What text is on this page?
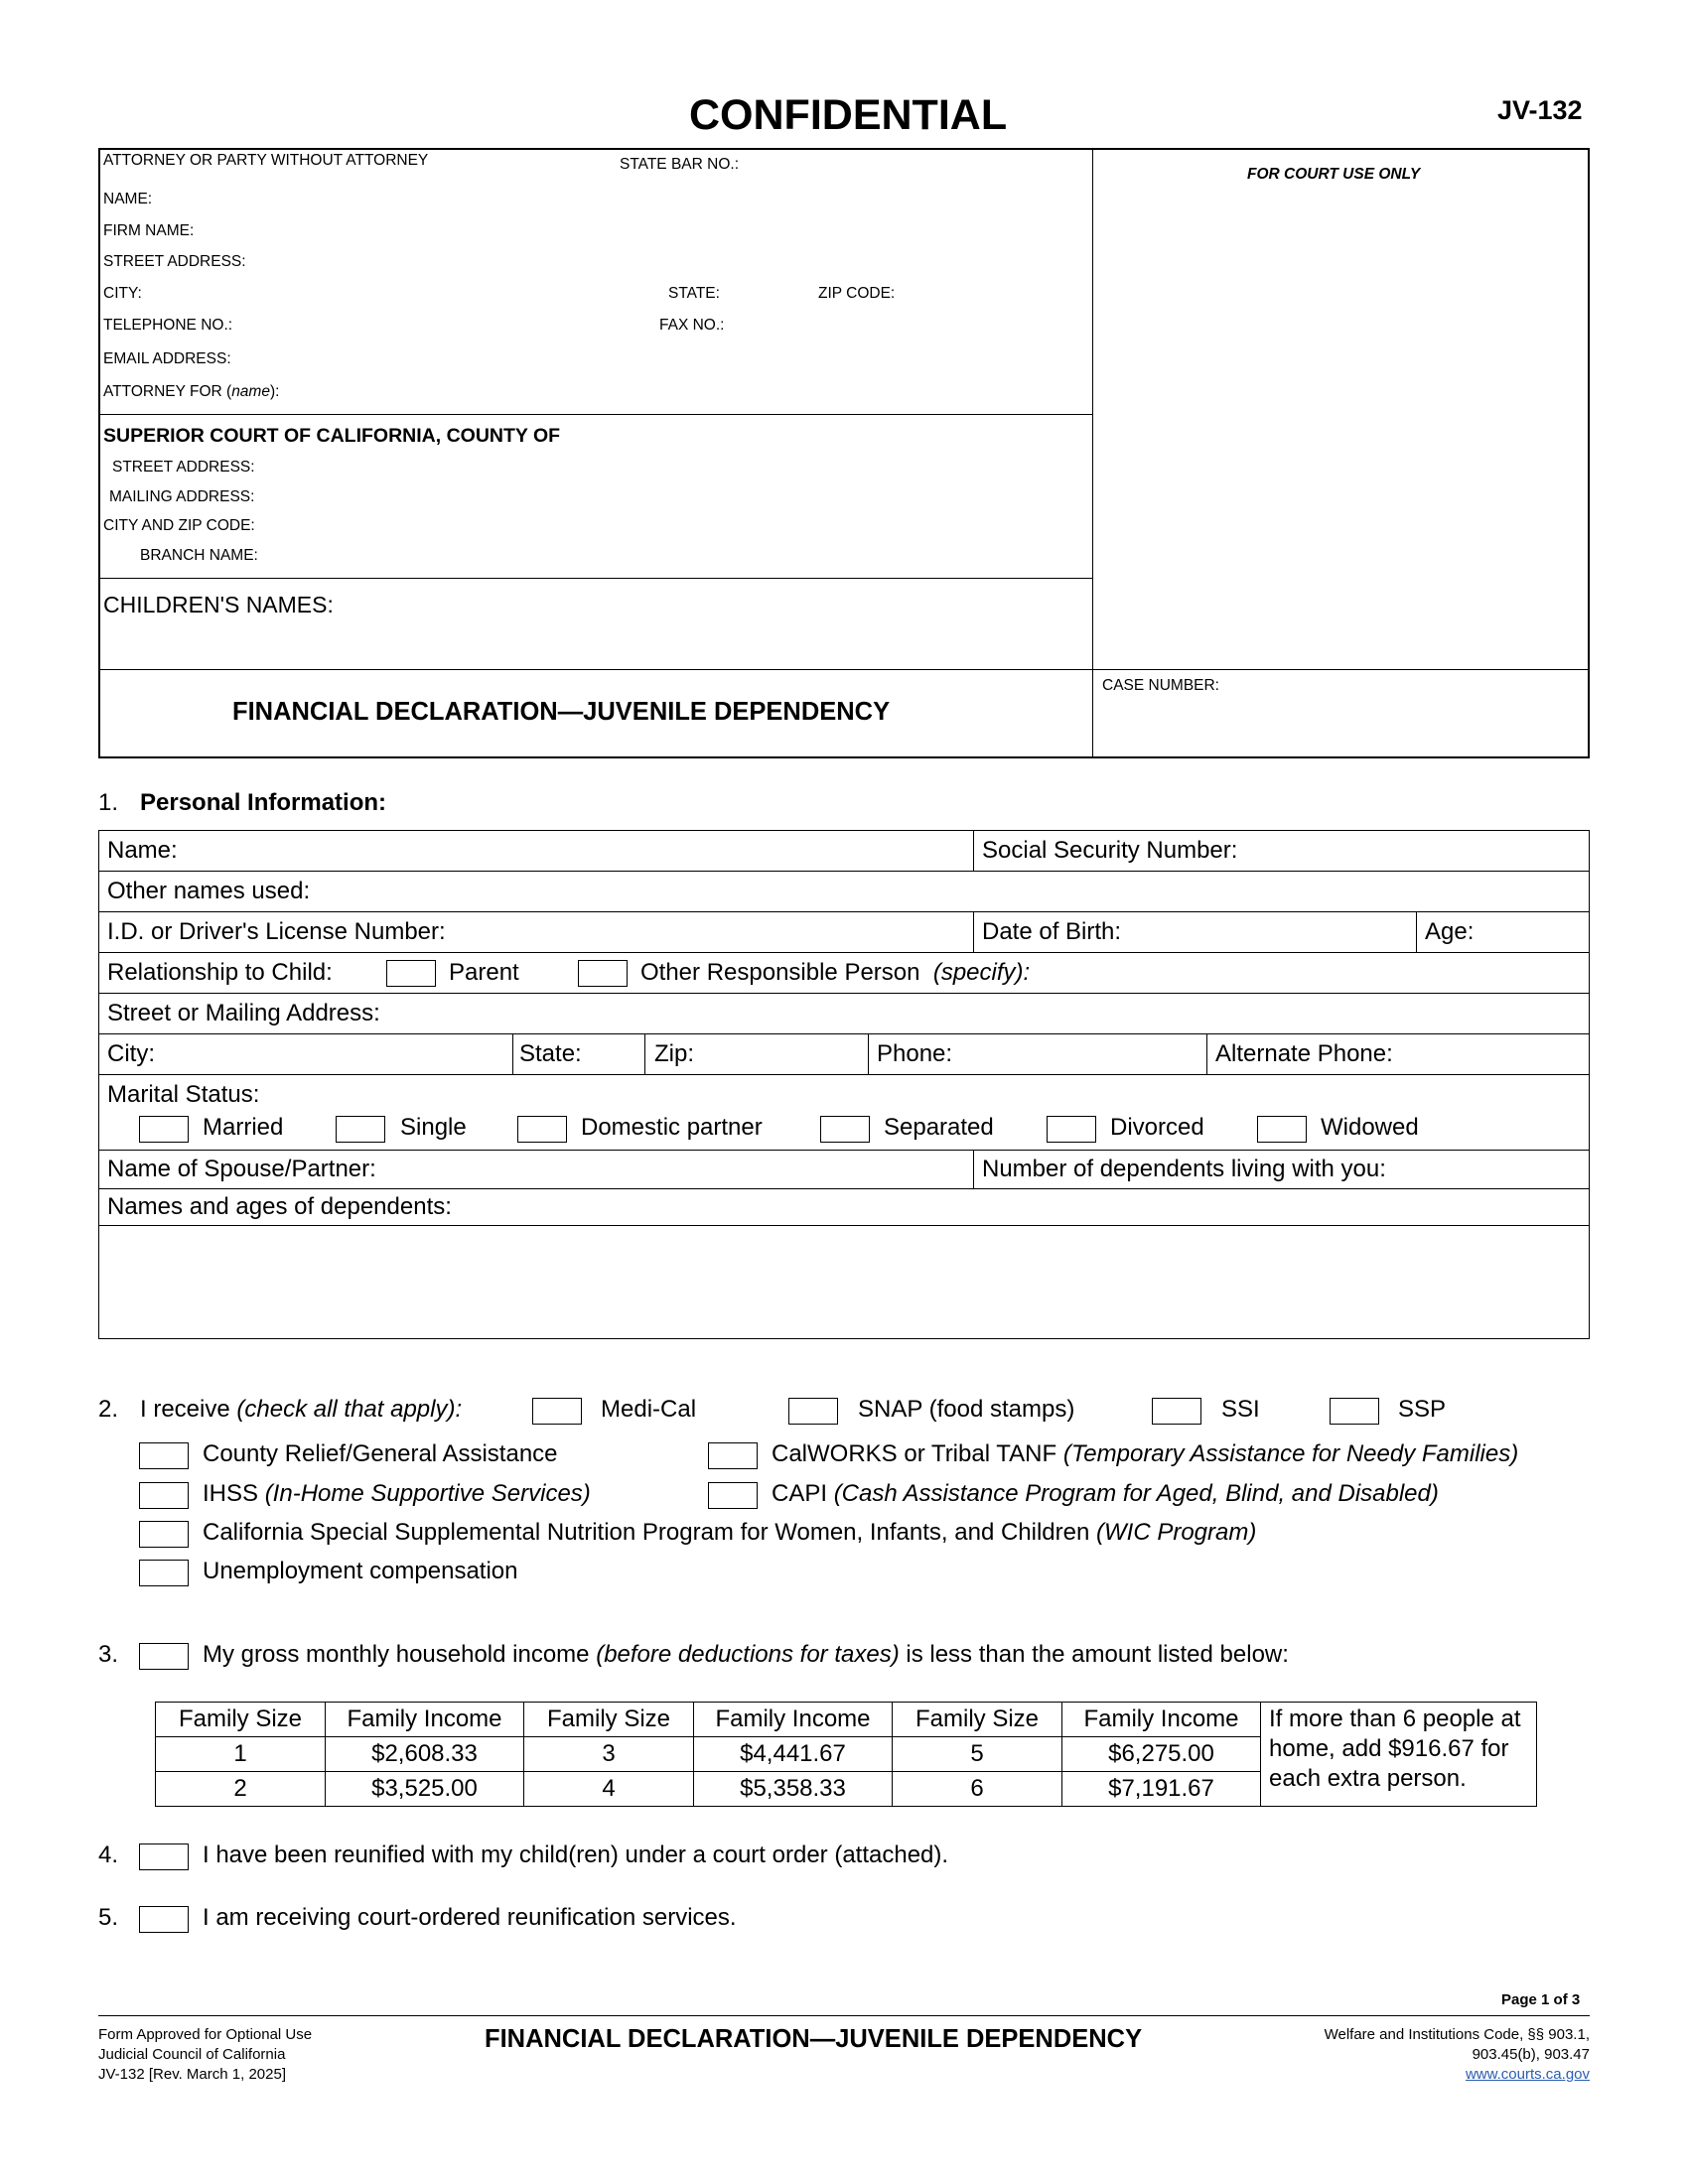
CONFIDENTIAL	JV-132
ATTORNEY OR PARTY WITHOUT ATTORNEY	STATE BAR NO.:
NAME:
FIRM NAME:
STREET ADDRESS:
CITY:	STATE:	ZIP CODE:
TELEPHONE NO.:	FAX NO.:
EMAIL ADDRESS:
ATTORNEY FOR (name):
FOR COURT USE ONLY
SUPERIOR COURT OF CALIFORNIA, COUNTY OF
STREET ADDRESS:
MAILING ADDRESS:
CITY AND ZIP CODE:
BRANCH NAME:
CHILDREN'S NAMES:
FINANCIAL DECLARATION—JUVENILE DEPENDENCY
CASE NUMBER:
1. Personal Information:
Name:	Social Security Number:
Other names used:
I.D. or Driver's License Number:	Date of Birth:	Age:
Relationship to Child:	Parent	Other Responsible Person (specify):
Street or Mailing Address:
City:	State:	Zip:	Phone:	Alternate Phone:
Marital Status:
Married	Single	Domestic partner	Separated	Divorced	Widowed
Name of Spouse/Partner:	Number of dependents living with you:
Names and ages of dependents:
2. I receive (check all that apply):	Medi-Cal	SNAP (food stamps)	SSI	SSP
County Relief/General Assistance	CalWORKS or Tribal TANF (Temporary Assistance for Needy Families)
IHSS (In-Home Supportive Services)	CAPI (Cash Assistance Program for Aged, Blind, and Disabled)
California Special Supplemental Nutrition Program for Women, Infants, and Children (WIC Program)
Unemployment compensation
3.	My gross monthly household income (before deductions for taxes) is less than the amount listed below:
Family Size	Family Income	Family Size	Family Income	Family Size	Family Income	If more than 6 people at home, add $916.67 for each extra person.
1	$2,608.33	3	$4,441.67	5	$6,275.00	
2	$3,525.00	4	$5,358.33	6	$7,191.67	
4.	I have been reunified with my child(ren) under a court order (attached).
5.	I am receiving court-ordered reunification services.
Page 1 of 3
Form Approved for Optional Use
Judicial Council of California
JV-132 [Rev. March 1, 2025]
FINANCIAL DECLARATION—JUVENILE DEPENDENCY	Welfare and Institutions Code, §§ 903.1,
903.45(b), 903.47
www.courts.ca.gov
